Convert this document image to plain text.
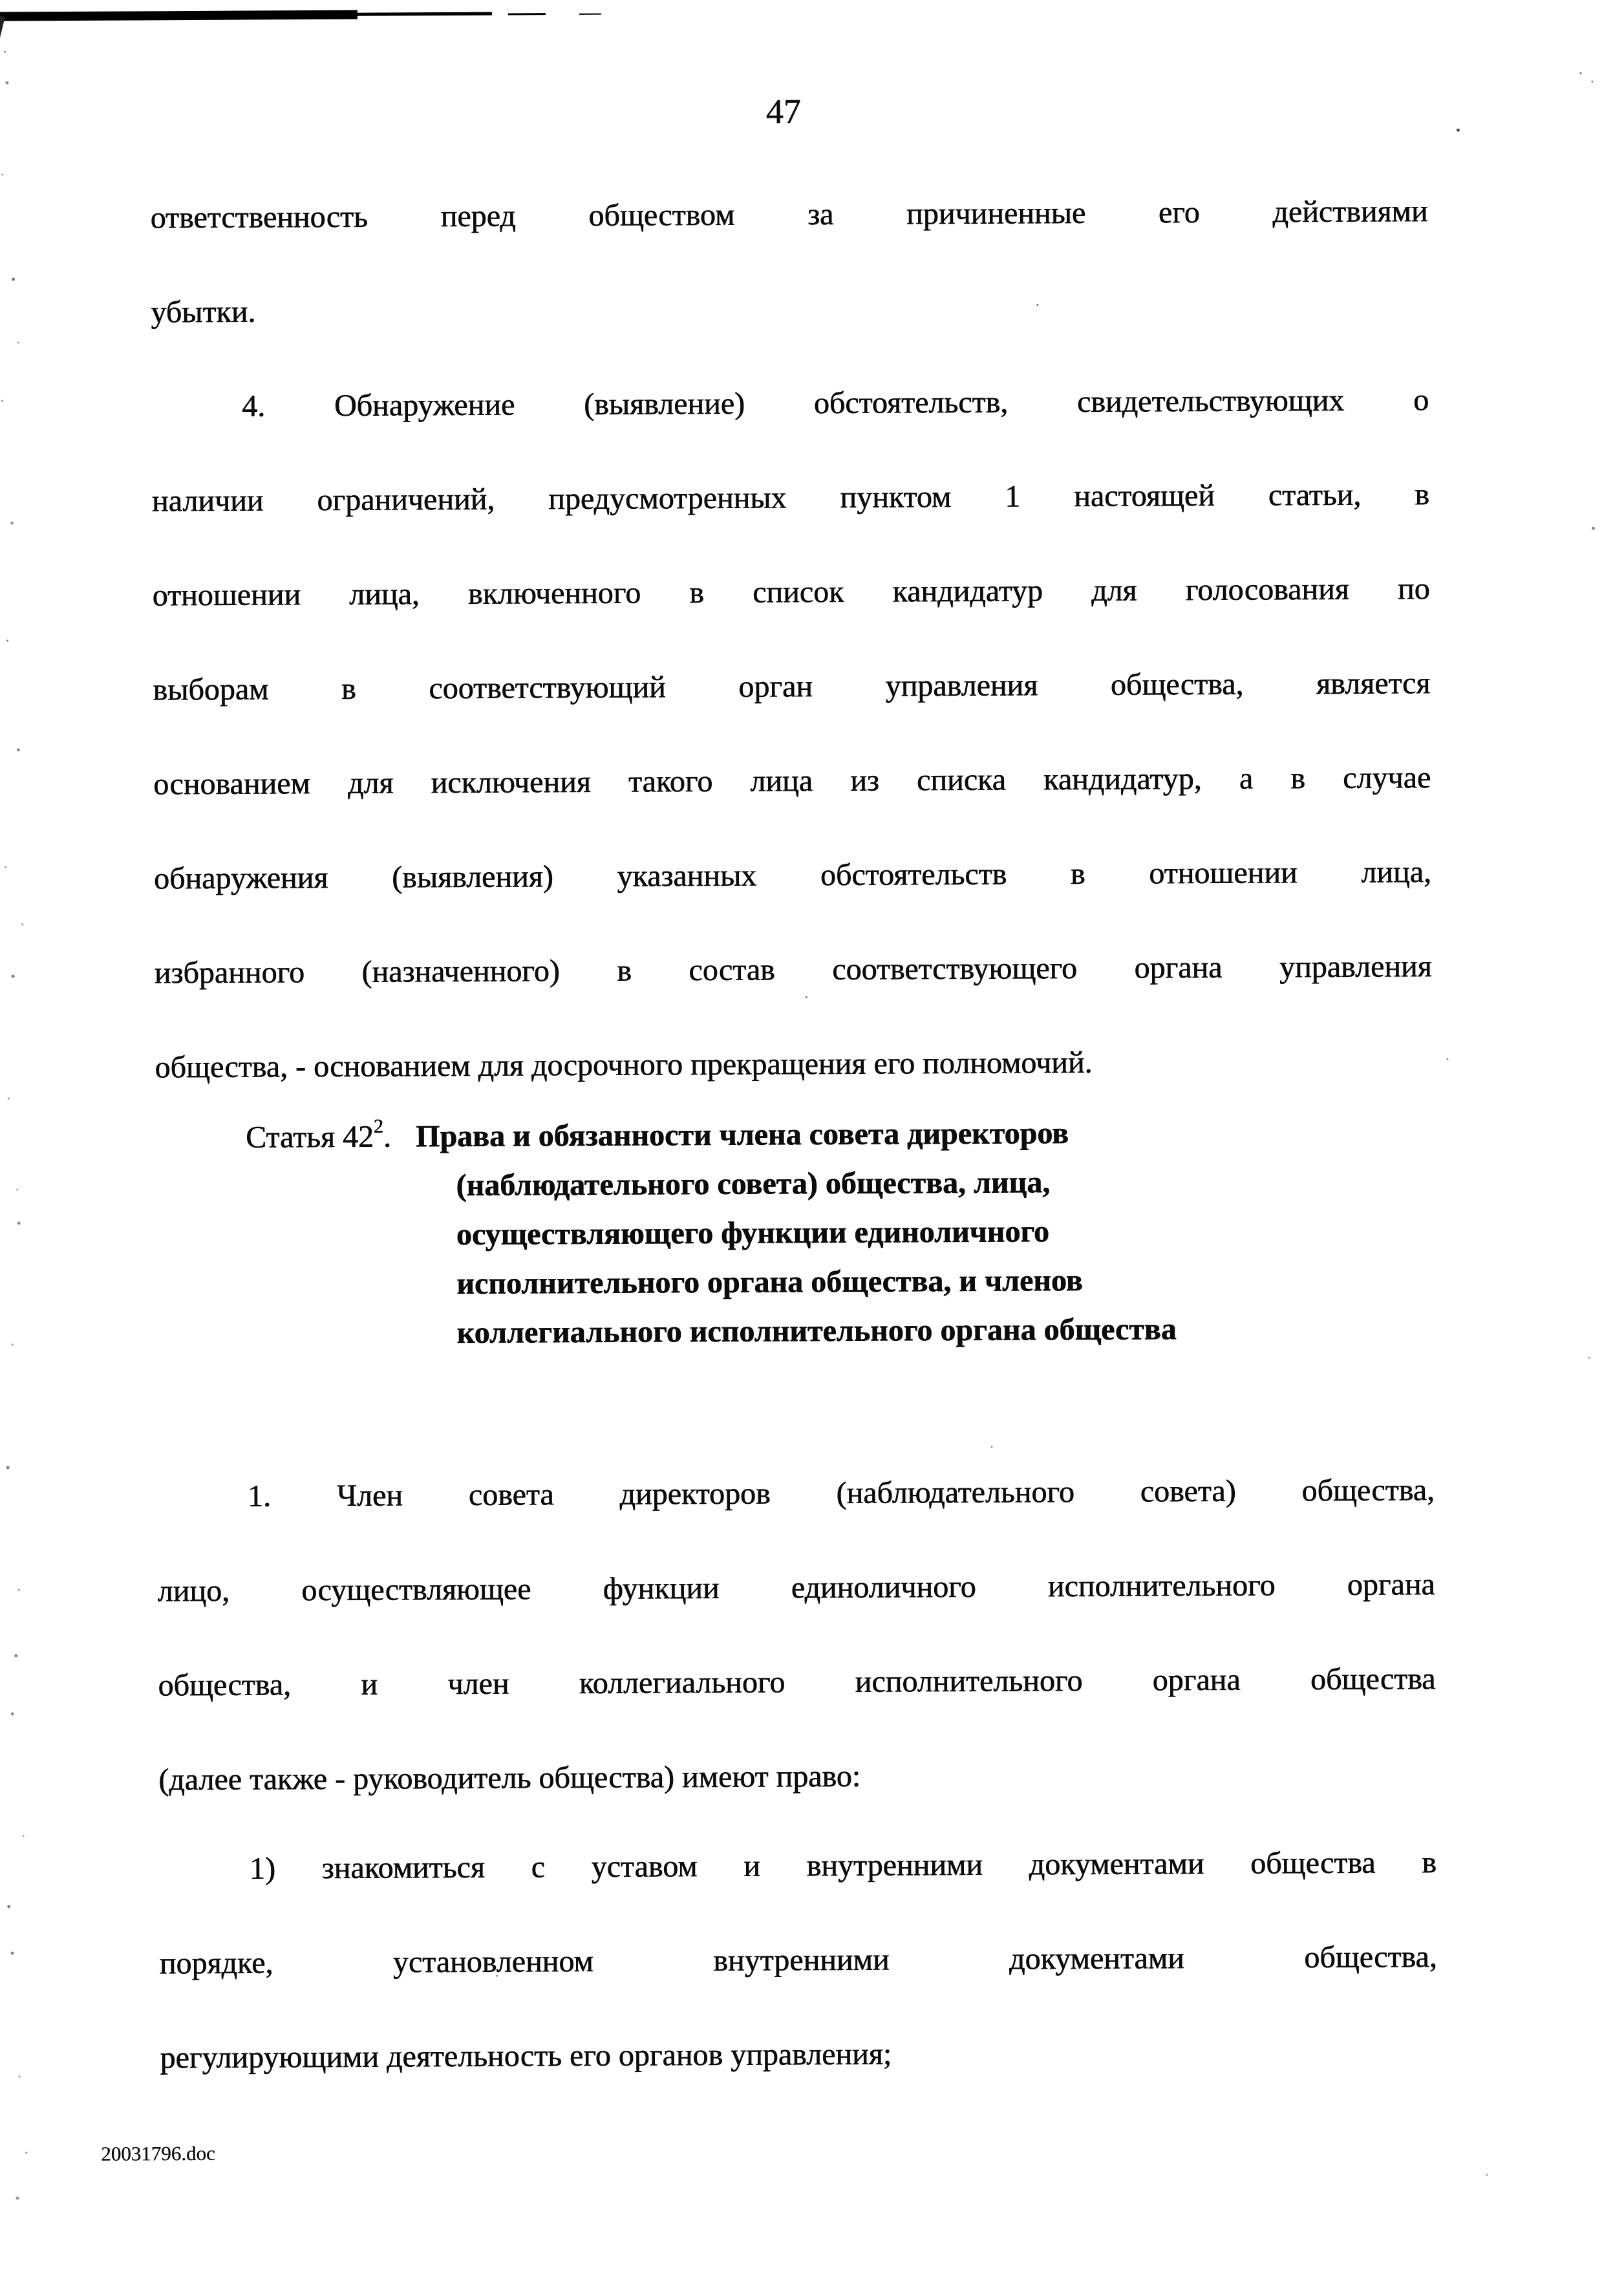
47
ответственность перед обществом за причиненные его действиями
убытки.
4. Обнаружение (выявление) обстоятельств, свидетельствующих о
наличии ограничений, предусмотренных пунктом 1 настоящей статьи, в
отношении лица, включенного в список кандидатур для голосования по
выборам в соответствующий орган управления общества, является
основанием для исключения такого лица из списка кандидатур, а в случае
обнаружения (выявления) указанных обстоятельств в отношении лица,
избранного (назначенного) в состав соответствующего органа управления
общества, - основанием для досрочного прекращения его полномочий.
Статья $42^2$. Права и обязанности члена совета директоров
(наблюдательного совета) общества, лица,
осуществляющего функции единоличного
исполнительного органа общества, и членов
коллегиального исполнительного органа общества
1. Член совета директоров (наблюдательного совета) общества,
лицо, осуществляющее функции единоличного исполнительного органа
общества, и член коллегиального исполнительного органа общества
(далее также - руководитель общества) имеют право:
1) знакомиться с уставом и внутренними документами общества в
порядке, установленном внутренними документами общества,
регулирующими деятельность его органов управления;
20031796.doc
